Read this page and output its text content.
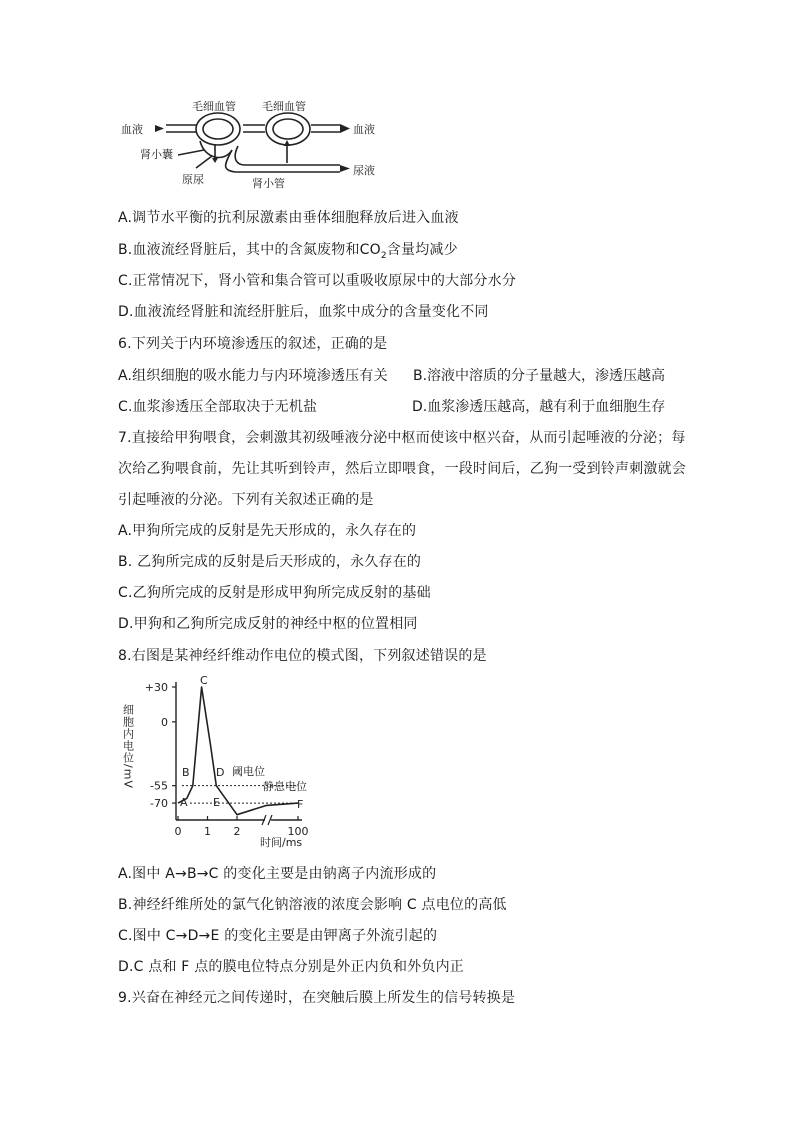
毛细血管 毛细血管
血液	血液
肾小囊
原尿	肾小管
尿液
A.调节水平衡的抗利尿激素由垂体细胞释放后进入血液
B.血液流经肾脏后，其中的含氮废物和$CO_2$含量均减少
C.正常情况下，肾小管和集合管可以重吸收原尿中的大部分水分
D.血液流经肾脏和流经肝脏后，血浆中成分的含量变化不同
6.下列关于内环境渗透压的叙述，正确的是
A.组织细胞的吸水能力与内环境渗透压有关 B.溶液中溶质的分子量越大，渗透压越高
C.血浆渗透压全部取决于无机盐	D.血浆渗透压越高，越有利于血细胞生存
7.直接给甲狗喂食，会刺激其初级唾液分泌中枢而使该中枢兴奋，从而引起唾液的分泌；每
次给乙狗喂食前，先让其听到铃声，然后立即喂食，一段时间后，乙狗一受到铃声刺激就会
引起唾液的分泌。下列有关叙述正确的是
A.甲狗所完成的反射是先天形成的，永久存在的
B. 乙狗所完成的反射是后天形成的，永久存在的
C.乙狗所完成的反射是形成甲狗所完成反射的基础
D.甲狗和乙狗所完成反射的神经中枢的位置相同
8.右图是某神经纤维动作电位的模式图，下列叙述错误的是
细胞内电位/mV
+30
0
-55
-70
0 1 2	100
A
B
C
D
E	F
阈电位
静息电位
时间/ms
A.图中 A→B→C 的变化主要是由钠离子内流形成的
B.神经纤维所处的氯气化钠溶液的浓度会影响 C 点电位的高低
C.图中 C→D→E 的变化主要是由钾离子外流引起的
D.C 点和 F 点的膜电位特点分别是外正内负和外负内正
9.兴奋在神经元之间传递时，在突触后膜上所发生的信号转换是
